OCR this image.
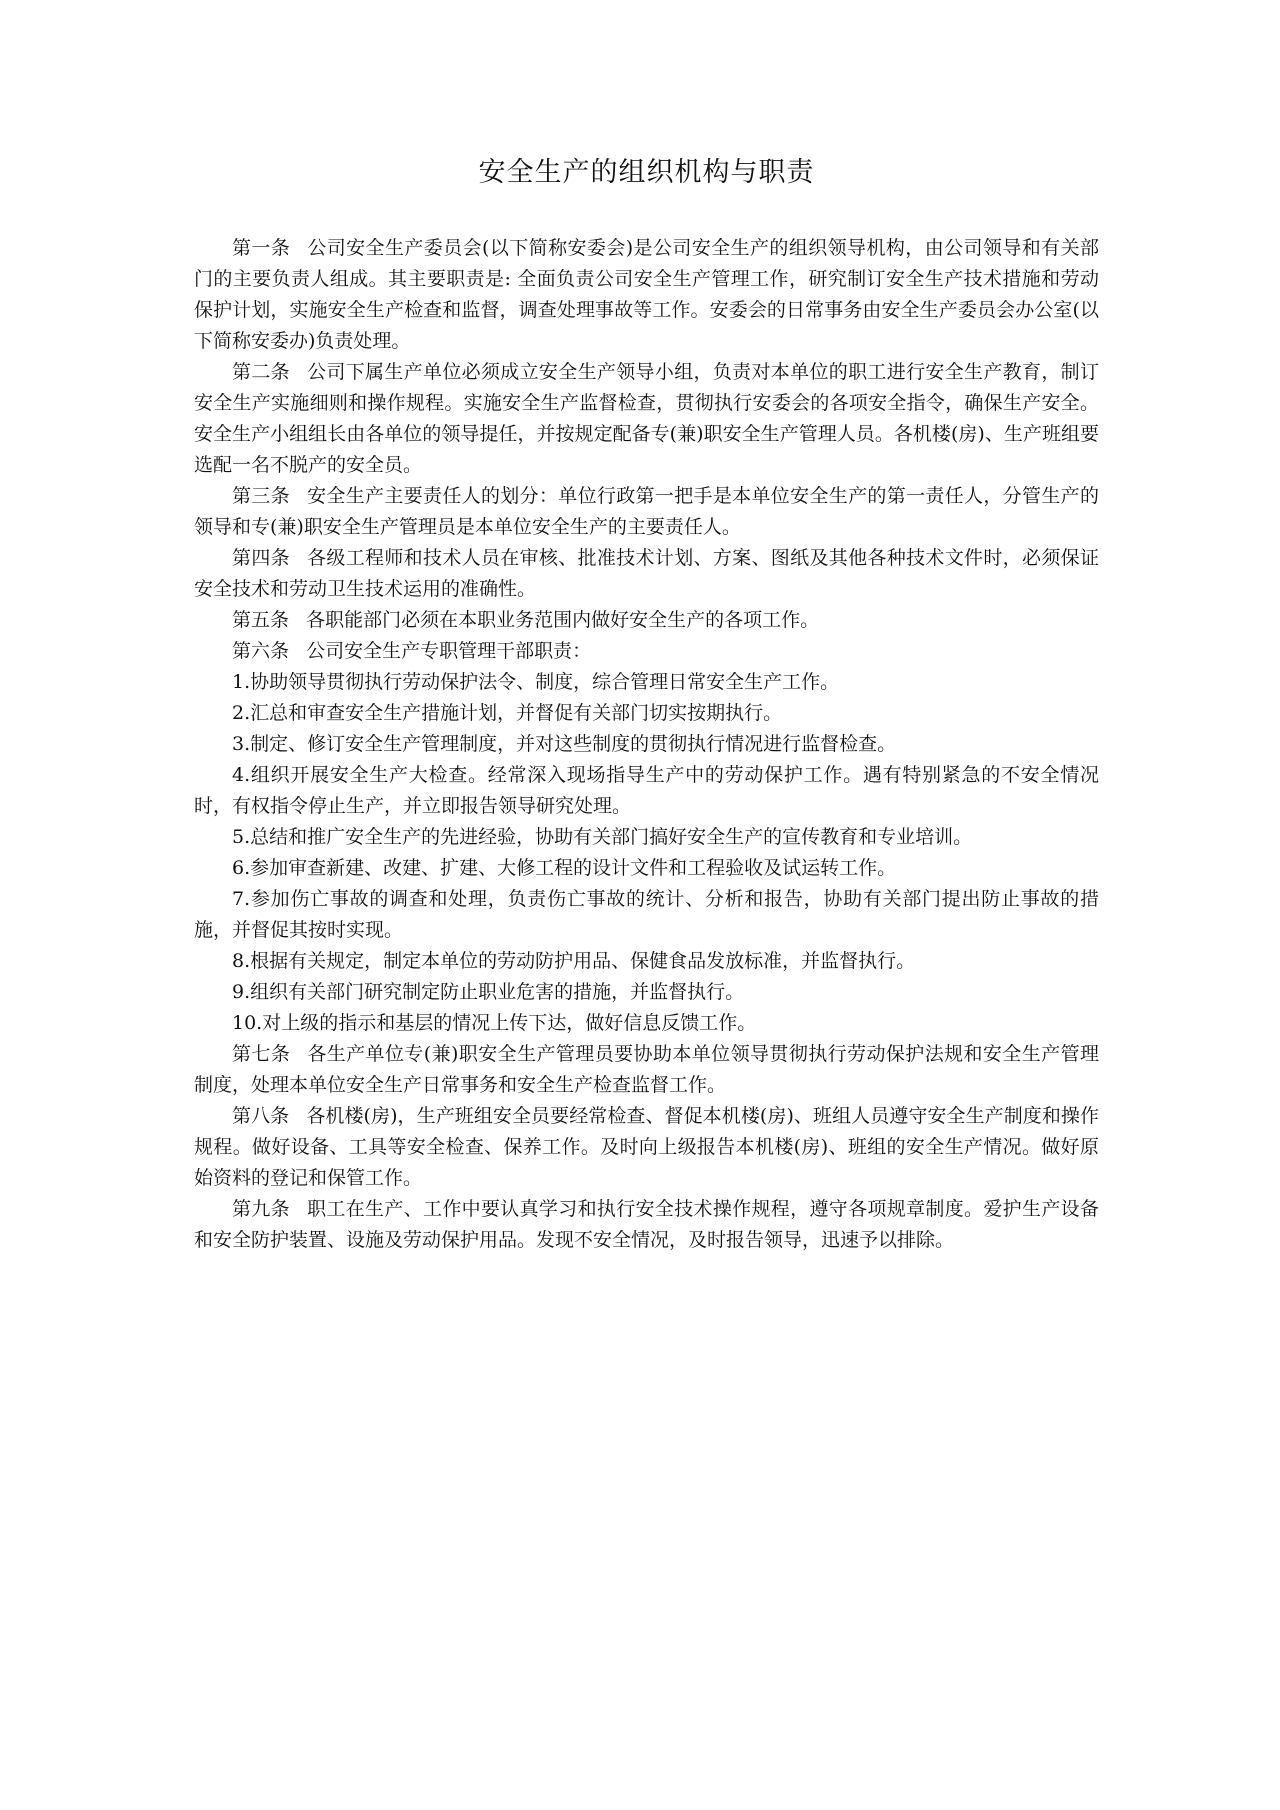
安全生产的组织机构与职责

第一条 公司安全生产委员会(以下简称安委会)是公司安全生产的组织领导机构，由公司领导和有关部门的主要负责人组成。其主要职责是: 全面负责公司安全生产管理工作，研究制订安全生产技术措施和劳动保护计划，实施安全生产检查和监督，调查处理事故等工作。安委会的日常事务由安全生产委员会办公室(以下简称安委办)负责处理。

第二条 公司下属生产单位必须成立安全生产领导小组，负责对本单位的职工进行安全生产教育，制订安全生产实施细则和操作规程。实施安全生产监督检查，贯彻执行安委会的各项安全指令，确保生产安全。安全生产小组组长由各单位的领导提任，并按规定配备专(兼)职安全生产管理人员。各机楼(房)、生产班组要选配一名不脱产的安全员。

第三条 安全生产主要责任人的划分：单位行政第一把手是本单位安全生产的第一责任人，分管生产的领导和专(兼)职安全生产管理员是本单位安全生产的主要责任人。

第四条 各级工程师和技术人员在审核、批准技术计划、方案、图纸及其他各种技术文件时，必须保证安全技术和劳动卫生技术运用的准确性。

第五条 各职能部门必须在本职业务范围内做好安全生产的各项工作。

第六条 公司安全生产专职管理干部职责：

1.协助领导贯彻执行劳动保护法令、制度，综合管理日常安全生产工作。

2.汇总和审查安全生产措施计划，并督促有关部门切实按期执行。

3.制定、修订安全生产管理制度，并对这些制度的贯彻执行情况进行监督检查。

4.组织开展安全生产大检查。经常深入现场指导生产中的劳动保护工作。遇有特别紧急的不安全情况时，有权指令停止生产，并立即报告领导研究处理。

5.总结和推广安全生产的先进经验，协助有关部门搞好安全生产的宣传教育和专业培训。

6.参加审查新建、改建、扩建、大修工程的设计文件和工程验收及试运转工作。

7.参加伤亡事故的调查和处理，负责伤亡事故的统计、分析和报告，协助有关部门提出防止事故的措施，并督促其按时实现。

8.根据有关规定，制定本单位的劳动防护用品、保健食品发放标准，并监督执行。

9.组织有关部门研究制定防止职业危害的措施，并监督执行。

10.对上级的指示和基层的情况上传下达，做好信息反馈工作。

第七条 各生产单位专(兼)职安全生产管理员要协助本单位领导贯彻执行劳动保护法规和安全生产管理制度，处理本单位安全生产日常事务和安全生产检查监督工作。

第八条 各机楼(房)，生产班组安全员要经常检查、督促本机楼(房)、班组人员遵守安全生产制度和操作规程。做好设备、工具等安全检查、保养工作。及时向上级报告本机楼(房)、班组的安全生产情况。做好原始资料的登记和保管工作。

第九条 职工在生产、工作中要认真学习和执行安全技术操作规程，遵守各项规章制度。爱护生产设备和安全防护装置、设施及劳动保护用品。发现不安全情况，及时报告领导，迅速予以排除。
